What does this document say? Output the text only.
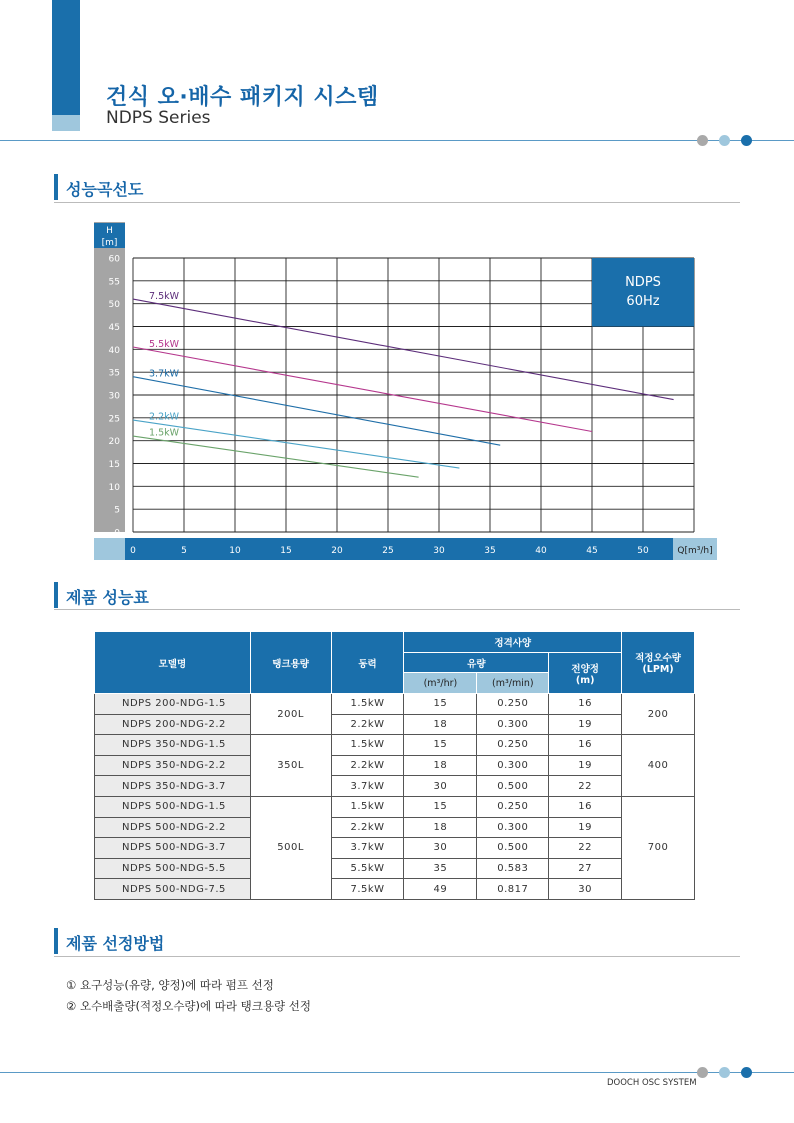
건식 오·배수 패키지 시스템
NDPS Series
성능곡선도
H
[m]
Q[m³/h]
0
5
10
15
20
25
30
35
40
45
50
55
60
0	5	10	15	20	25	30	35	40	45	50
NDPS
60Hz
7.5kW
5.5kW
3.7kW
2.2kW
1.5kW
제품 성능표
모델명	탱크용량	동력	정격사양			적정오수량
(LPM)

			유량		전양정
(m)	

			(m³/hr)	(m³/min)		
NDPS 200-NDG-1.5	200L	1.5kW	15	0.250	16	200
NDPS 200-NDG-2.2		2.2kW	18	0.300	19	
NDPS 350-NDG-1.5	350L	1.5kW	15	0.250	16	400
NDPS 350-NDG-2.2		2.2kW	18	0.300	19	
NDPS 350-NDG-3.7		3.7kW	30	0.500	22	
NDPS 500-NDG-1.5	500L	1.5kW	15	0.250	16	700
NDPS 500-NDG-2.2		2.2kW	18	0.300	19	
NDPS 500-NDG-3.7		3.7kW	30	0.500	22	
NDPS 500-NDG-5.5		5.5kW	35	0.583	27	
NDPS 500-NDG-7.5		7.5kW	49	0.817	30	
제품 선정방법
① 요구성능(유량, 양정)에 따라 펌프 선정
② 오수배출량(적정오수량)에 따라 탱크용량 선정
DOOCH OSC SYSTEM
